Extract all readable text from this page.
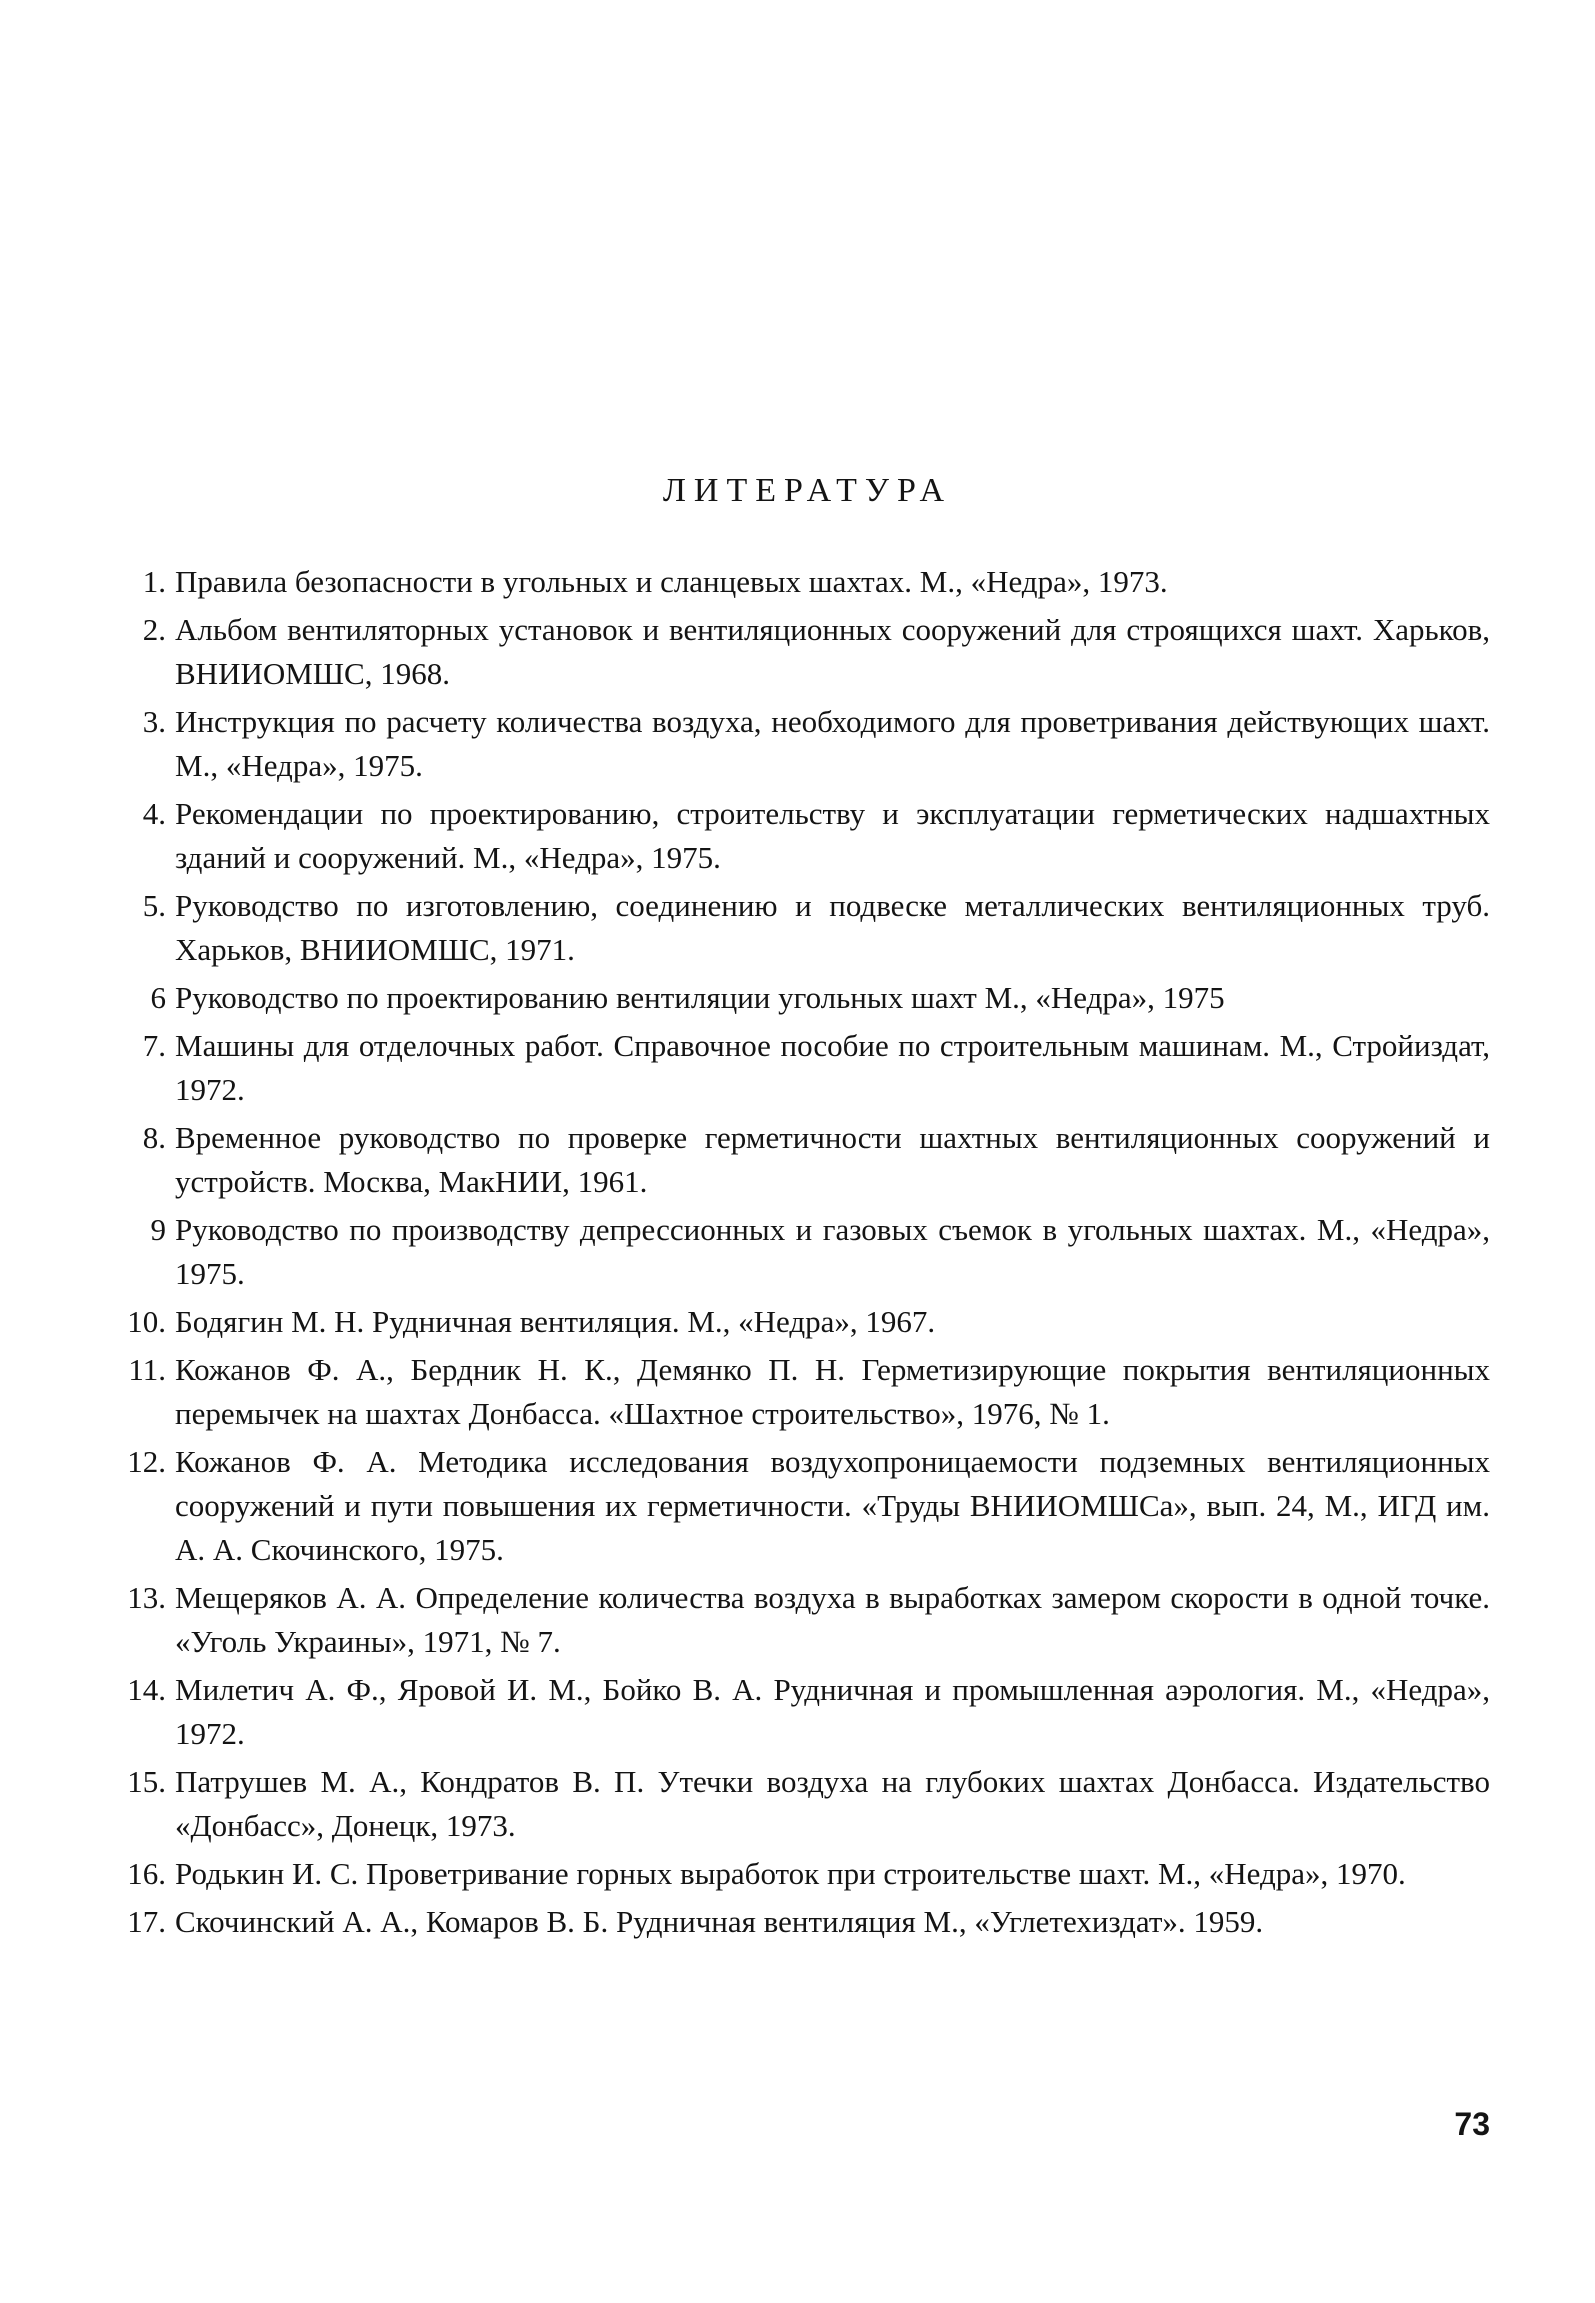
ЛИТЕРАТУРА
1. Правила безопасности в угольных и сланцевых шахтах. М., «Недра», 1973.
2. Альбом вентиляторных установок и вентиляционных сооружений для строящихся шахт. Харьков, ВНИИОМШС, 1968.
3. Инструкция по расчету количества воздуха, необходимого для проветривания действующих шахт. М., «Недра», 1975.
4. Рекомендации по проектированию, строительству и эксплуатации герметических надшахтных зданий и сооружений. М., «Недра», 1975.
5. Руководство по изготовлению, соединению и подвеске металлических вентиляционных труб. Харьков, ВНИИОМШС, 1971.
6 Руководство по проектированию вентиляции угольных шахт М., «Недра», 1975
7. Машины для отделочных работ. Справочное пособие по строительным машинам. М., Стройиздат, 1972.
8. Временное руководство по проверке герметичности шахтных вентиляционных сооружений и устройств. Москва, МакНИИ, 1961.
9 Руководство по производству депрессионных и газовых съемок в угольных шахтах. М., «Недра», 1975.
10. Бодягин М. Н. Рудничная вентиляция. М., «Недра», 1967.
11. Кожанов Ф. А., Бердник Н. К., Демянко П. Н. Герметизирующие покрытия вентиляционных перемычек на шахтах Донбасса. «Шахтное строительство», 1976, № 1.
12. Кожанов Ф. А. Методика исследования воздухопроницаемости подземных вентиляционных сооружений и пути повышения их герметичности. «Труды ВНИИОМШСа», вып. 24, М., ИГД им. А. А. Скочинского, 1975.
13. Мещеряков А. А. Определение количества воздуха в выработках замером скорости в одной точке. «Уголь Украины», 1971, № 7.
14. Милетич А. Ф., Яровой И. М., Бойко В. А. Рудничная и промышленная аэрология. М., «Недра», 1972.
15. Патрушев М. А., Кондратов В. П. Утечки воздуха на глубоких шахтах Донбасса. Издательство «Донбасс», Донецк, 1973.
16. Родькин И. С. Проветривание горных выработок при строительстве шахт. М., «Недра», 1970.
17. Скочинский А. А., Комаров В. Б. Рудничная вентиляция М., «Углетехиздат». 1959.
73
